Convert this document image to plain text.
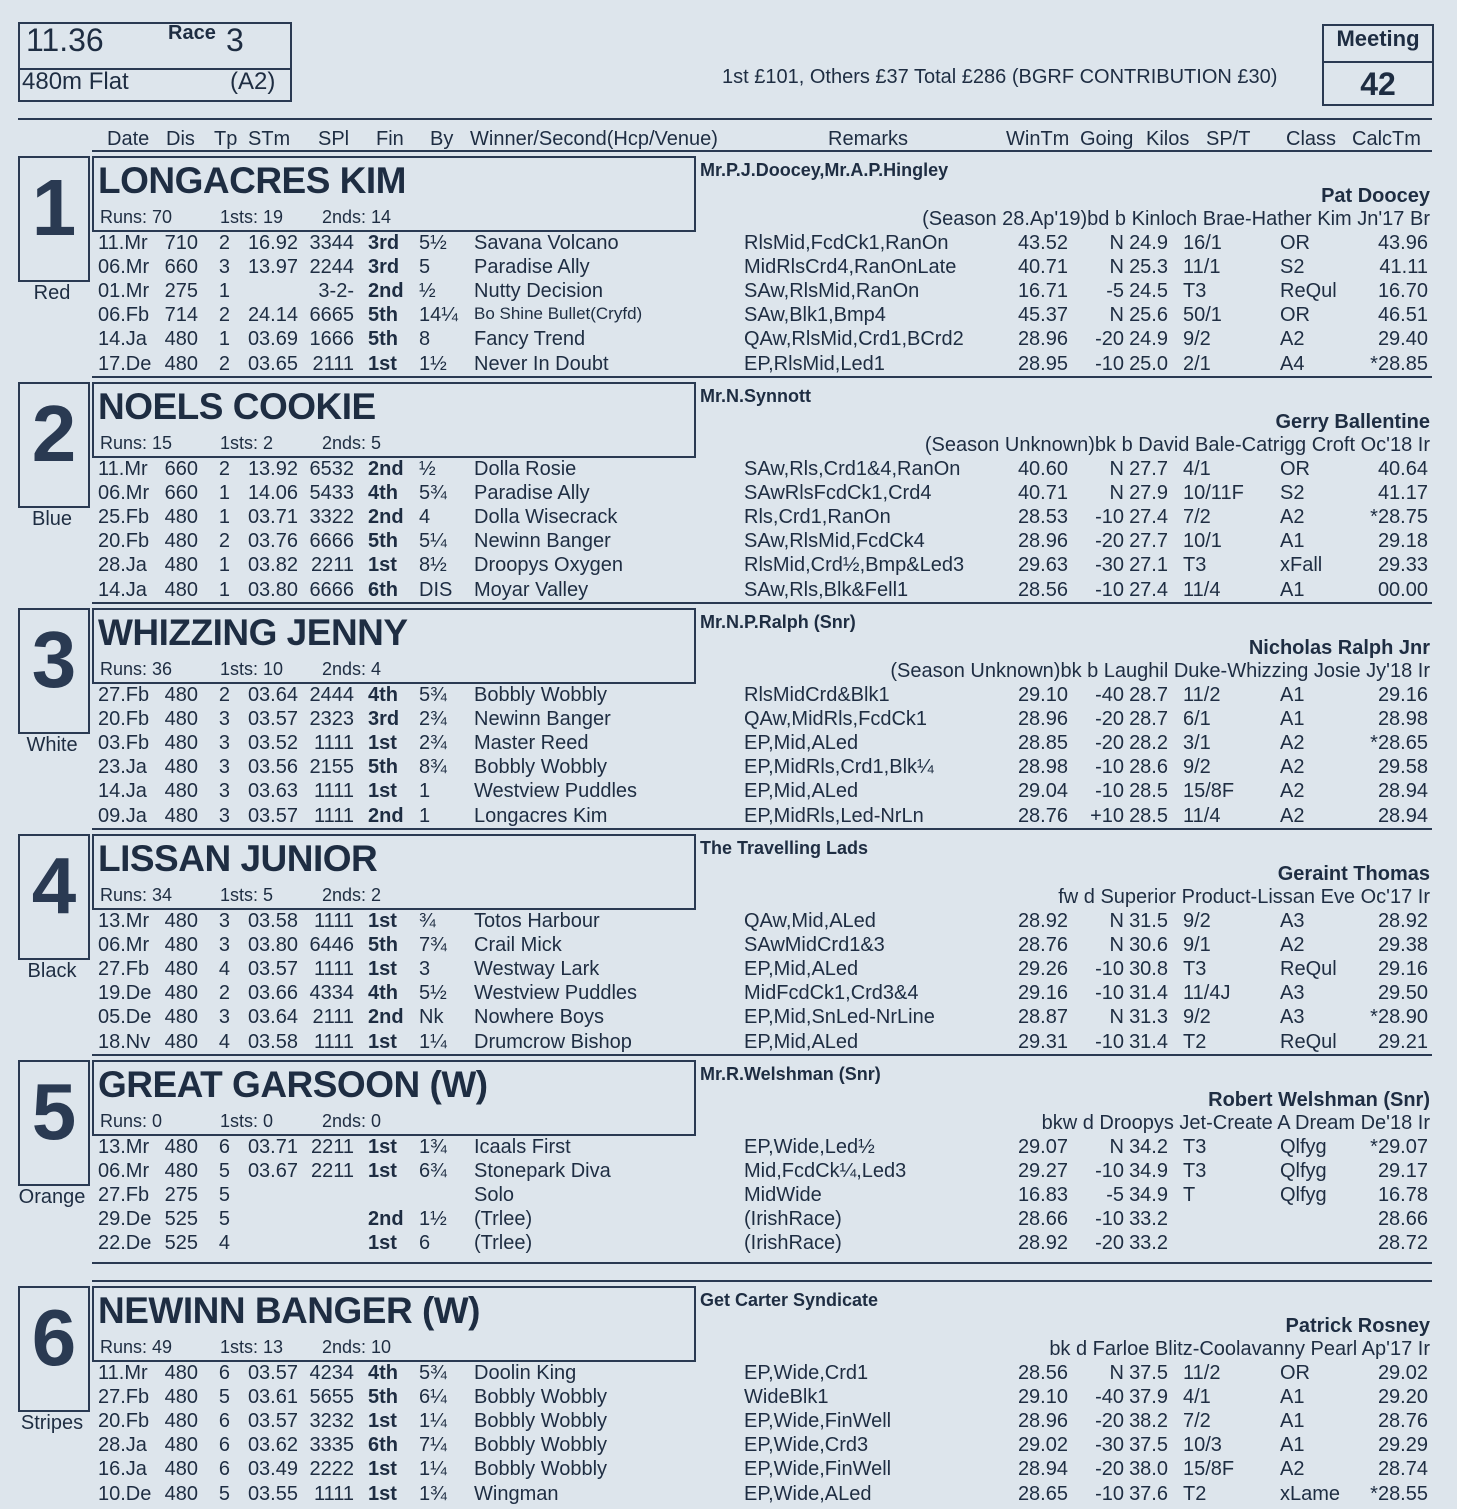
11.36	Race 3
480m Flat	(A2)	1st £101, Others £37 Total £286 (BGRF CONTRIBUTION £30)
Meeting
42
Date Dis Tp STm SPl Fin By Winner/Second(Hcp/Venue)	Remarks	WinTm Going Kilos SP/T Class CalcTm
1
Red
LONGACRES KIM
Runs: 70	1sts: 19 2nds: 14
Mr.P.J.Doocey,Mr.A.P.Hingley
Pat Doocey
(Season 28.Ap'19)bd b Kinloch Brae-Hather Kim Jn'17 Br
11.Mr 710 2 16.92 3344 3rd 5½ Savana Volcano	RlsMid,FcdCk1,RanOn	43.52 N 24.9 16/1	OR	43.96
06.Mr 660 3 13.97 2244 3rd 5 Paradise Ally	MidRlsCrd4,RanOnLate	40.71 N 25.3 11/1	S2	41.11
01.Mr 275 1	3-2- 2nd ½ Nutty Decision	SAw,RlsMid,RanOn	16.71 -5 24.5 T3	ReQul 16.70
06.Fb 714 2 24.14 6665 5th 14¼ Bo Shine Bullet(Cryfd)	SAw,Blk1,Bmp4	45.37 N 25.6 50/1	OR	46.51
14.Ja 480 1 03.69 1666 5th 8 Fancy Trend	QAw,RlsMid,Crd1,BCrd2	28.96 -20 24.9 9/2	A2	29.40
17.De 480 2 03.65 2111 1st 1½ Never In Doubt	EP,RlsMid,Led1	28.95 -10 25.0 2/1	A4	*28.85
2
Blue
NOELS COOKIE
Runs: 15	1sts: 2	2nds: 5
Mr.N.Synnott
Gerry Ballentine
(Season Unknown)bk b David Bale-Catrigg Croft Oc'18 Ir
11.Mr 660 2 13.92 6532 2nd ½ Dolla Rosie	SAw,Rls,Crd1&4,RanOn	40.60 N 27.7 4/1	OR	40.64
06.Mr 660 1 14.06 5433 4th 5¾ Paradise Ally	SAwRlsFcdCk1,Crd4	40.71 N 27.9 10/11F S2	41.17
25.Fb 480 1 03.71 3322 2nd 4 Dolla Wisecrack	Rls,Crd1,RanOn	28.53 -10 27.4 7/2	A2	*28.75
20.Fb 480 2 03.76 6666 5th 5¼ Newinn Banger	SAw,RlsMid,FcdCk4	28.96 -20 27.7 10/1	A1	29.18
28.Ja 480 1 03.82 2211 1st 8½ Droopys Oxygen	RlsMid,Crd½,Bmp&Led3	29.63 -30 27.1 T3	xFall	29.33
14.Ja 480 1 03.80 6666 6th DIS Moyar Valley	SAw,Rls,Blk&Fell1	28.56 -10 27.4 11/4	A1	00.00
3
White
WHIZZING JENNY
Runs: 36	1sts: 10 2nds: 4
Mr.N.P.Ralph (Snr)
Nicholas Ralph Jnr
(Season Unknown)bk b Laughil Duke-Whizzing Josie Jy'18 Ir
27.Fb 480 2 03.64 2444 4th 5¾ Bobbly Wobbly	RlsMidCrd&Blk1	29.10 -40 28.7 11/2	A1	29.16
20.Fb 480 3 03.57 2323 3rd 2¾ Newinn Banger	QAw,MidRls,FcdCk1	28.96 -20 28.7 6/1	A1	28.98
03.Fb 480 3 03.52 1111 1st 2¾ Master Reed	EP,Mid,ALed	28.85 -20 28.2 3/1	A2	*28.65
23.Ja 480 3 03.56 2155 5th 8¾ Bobbly Wobbly	EP,MidRls,Crd1,Blk¼	28.98 -10 28.6 9/2	A2	29.58
14.Ja 480 3 03.63 1111 1st 1 Westview Puddles	EP,Mid,ALed	29.04 -10 28.5 15/8F A2	28.94
09.Ja 480 3 03.57 1111 2nd 1 Longacres Kim	EP,MidRls,Led-NrLn	28.76 +10 28.5 11/4	A2	28.94
4
Black
LISSAN JUNIOR
Runs: 34	1sts: 5	2nds: 2
The Travelling Lads
Geraint Thomas
fw d Superior Product-Lissan Eve Oc'17 Ir
13.Mr 480 3 03.58 1111 1st ¾ Totos Harbour	QAw,Mid,ALed	28.92 N 31.5 9/2	A3	28.92
06.Mr 480 3 03.80 6446 5th 7¾ Crail Mick	SAwMidCrd1&3	28.76 N 30.6 9/1	A2	29.38
27.Fb 480 4 03.57 1111 1st 3 Westway Lark	EP,Mid,ALed	29.26 -10 30.8 T3	ReQul 29.16
19.De 480 2 03.66 4334 4th 5½ Westview Puddles	MidFcdCk1,Crd3&4	29.16 -10 31.4 11/4J A3	29.50
05.De 480 3 03.64 2111 2nd Nk Nowhere Boys	EP,Mid,SnLed-NrLine	28.87 N 31.3 9/2	A3	*28.90
18.Nv 480 4 03.58 1111 1st 1¼ Drumcrow Bishop	EP,Mid,ALed	29.31 -10 31.4 T2	ReQul 29.21
5
Orange
GREAT GARSOON (W)
Runs: 0	1sts: 0	2nds: 0
Mr.R.Welshman (Snr)
Robert Welshman (Snr)
bkw d Droopys Jet-Create A Dream De'18 Ir
13.Mr 480 6 03.71 2211 1st 1¾ Icaals First	EP,Wide,Led½	29.07 N 34.2 T3	Qlfyg *29.07
06.Mr 480 5 03.67 2211 1st 6¾ Stonepark Diva	Mid,FcdCk¼,Led3	29.27 -10 34.9 T3	Qlfyg	29.17
27.Fb 275 5	Solo	MidWide	16.83 -5 34.9 T	Qlfyg	16.78
29.De 525 5	2nd 1½ (Trlee)	(IrishRace)	28.66 -10 33.2	28.66
22.De 525 4	1st 6 (Trlee)	(IrishRace)	28.92 -20 33.2	28.72
6
Stripes
NEWINN BANGER (W)
Runs: 49	1sts: 13 2nds: 10
Get Carter Syndicate
Patrick Rosney
bk d Farloe Blitz-Coolavanny Pearl Ap'17 Ir
11.Mr 480 6 03.57 4234 4th 5¾ Doolin King	EP,Wide,Crd1	28.56 N 37.5 11/2	OR	29.02
27.Fb 480 5 03.61 5655 5th 6¼ Bobbly Wobbly	WideBlk1	29.10 -40 37.9 4/1	A1	29.20
20.Fb 480 6 03.57 3232 1st 1¼ Bobbly Wobbly	EP,Wide,FinWell	28.96 -20 38.2 7/2	A1	28.76
28.Ja 480 6 03.62 3335 6th 7¼ Bobbly Wobbly	EP,Wide,Crd3	29.02 -30 37.5 10/3	A1	29.29
16.Ja 480 6 03.49 2222 1st 1¼ Bobbly Wobbly	EP,Wide,FinWell	28.94 -20 38.0 15/8F A2	28.74
10.De 480 5 03.55 1111 1st 1¾ Wingman	EP,Wide,ALed	28.65 -10 37.6 T2	xLame *28.55
